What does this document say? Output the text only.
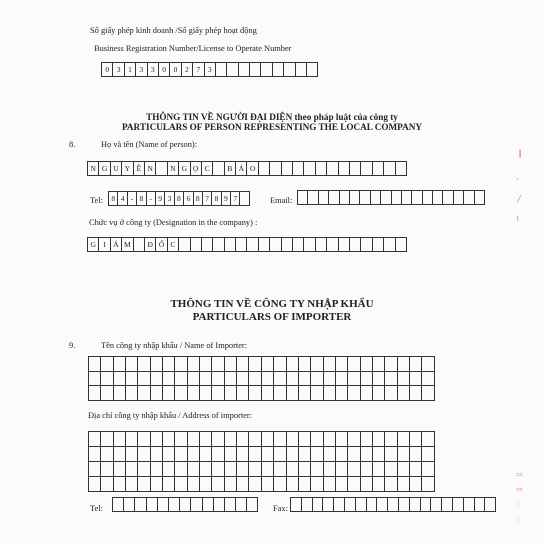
Số giấy phép kinh doanh /Số giấy phép hoạt động
Business Registration Number/License to Operate Number
0	3	1	3	3	0	0	2	7	3
THÔNG TIN VỀ NGƯỜI ĐẠI DIỆN theo pháp luật của công ty
PARTICULARS OF PERSON REPRESENTING THE LOCAL COMPANY
8.	Họ và tên (Name of person):
N G U Y Ễ N	N G Ọ C	B Ả O
Tel:	8 4 - 8 - 9 3 8 6 8 7 8 9 7	Email:
Chức vụ ở công ty (Designation in the company) :
G I Á M	Đ Ố C
THÔNG TIN VỀ CÔNG TY NHẬP KHẨU
PARTICULARS OF IMPORTER
9.	Tên công ty nhập khẩu / Name of Importer:
Địa chỉ công ty nhập khẩu / Address of importer:
Tel:	Fax:
┃
◦
╱
⌇
▭
▭
◌
◌
